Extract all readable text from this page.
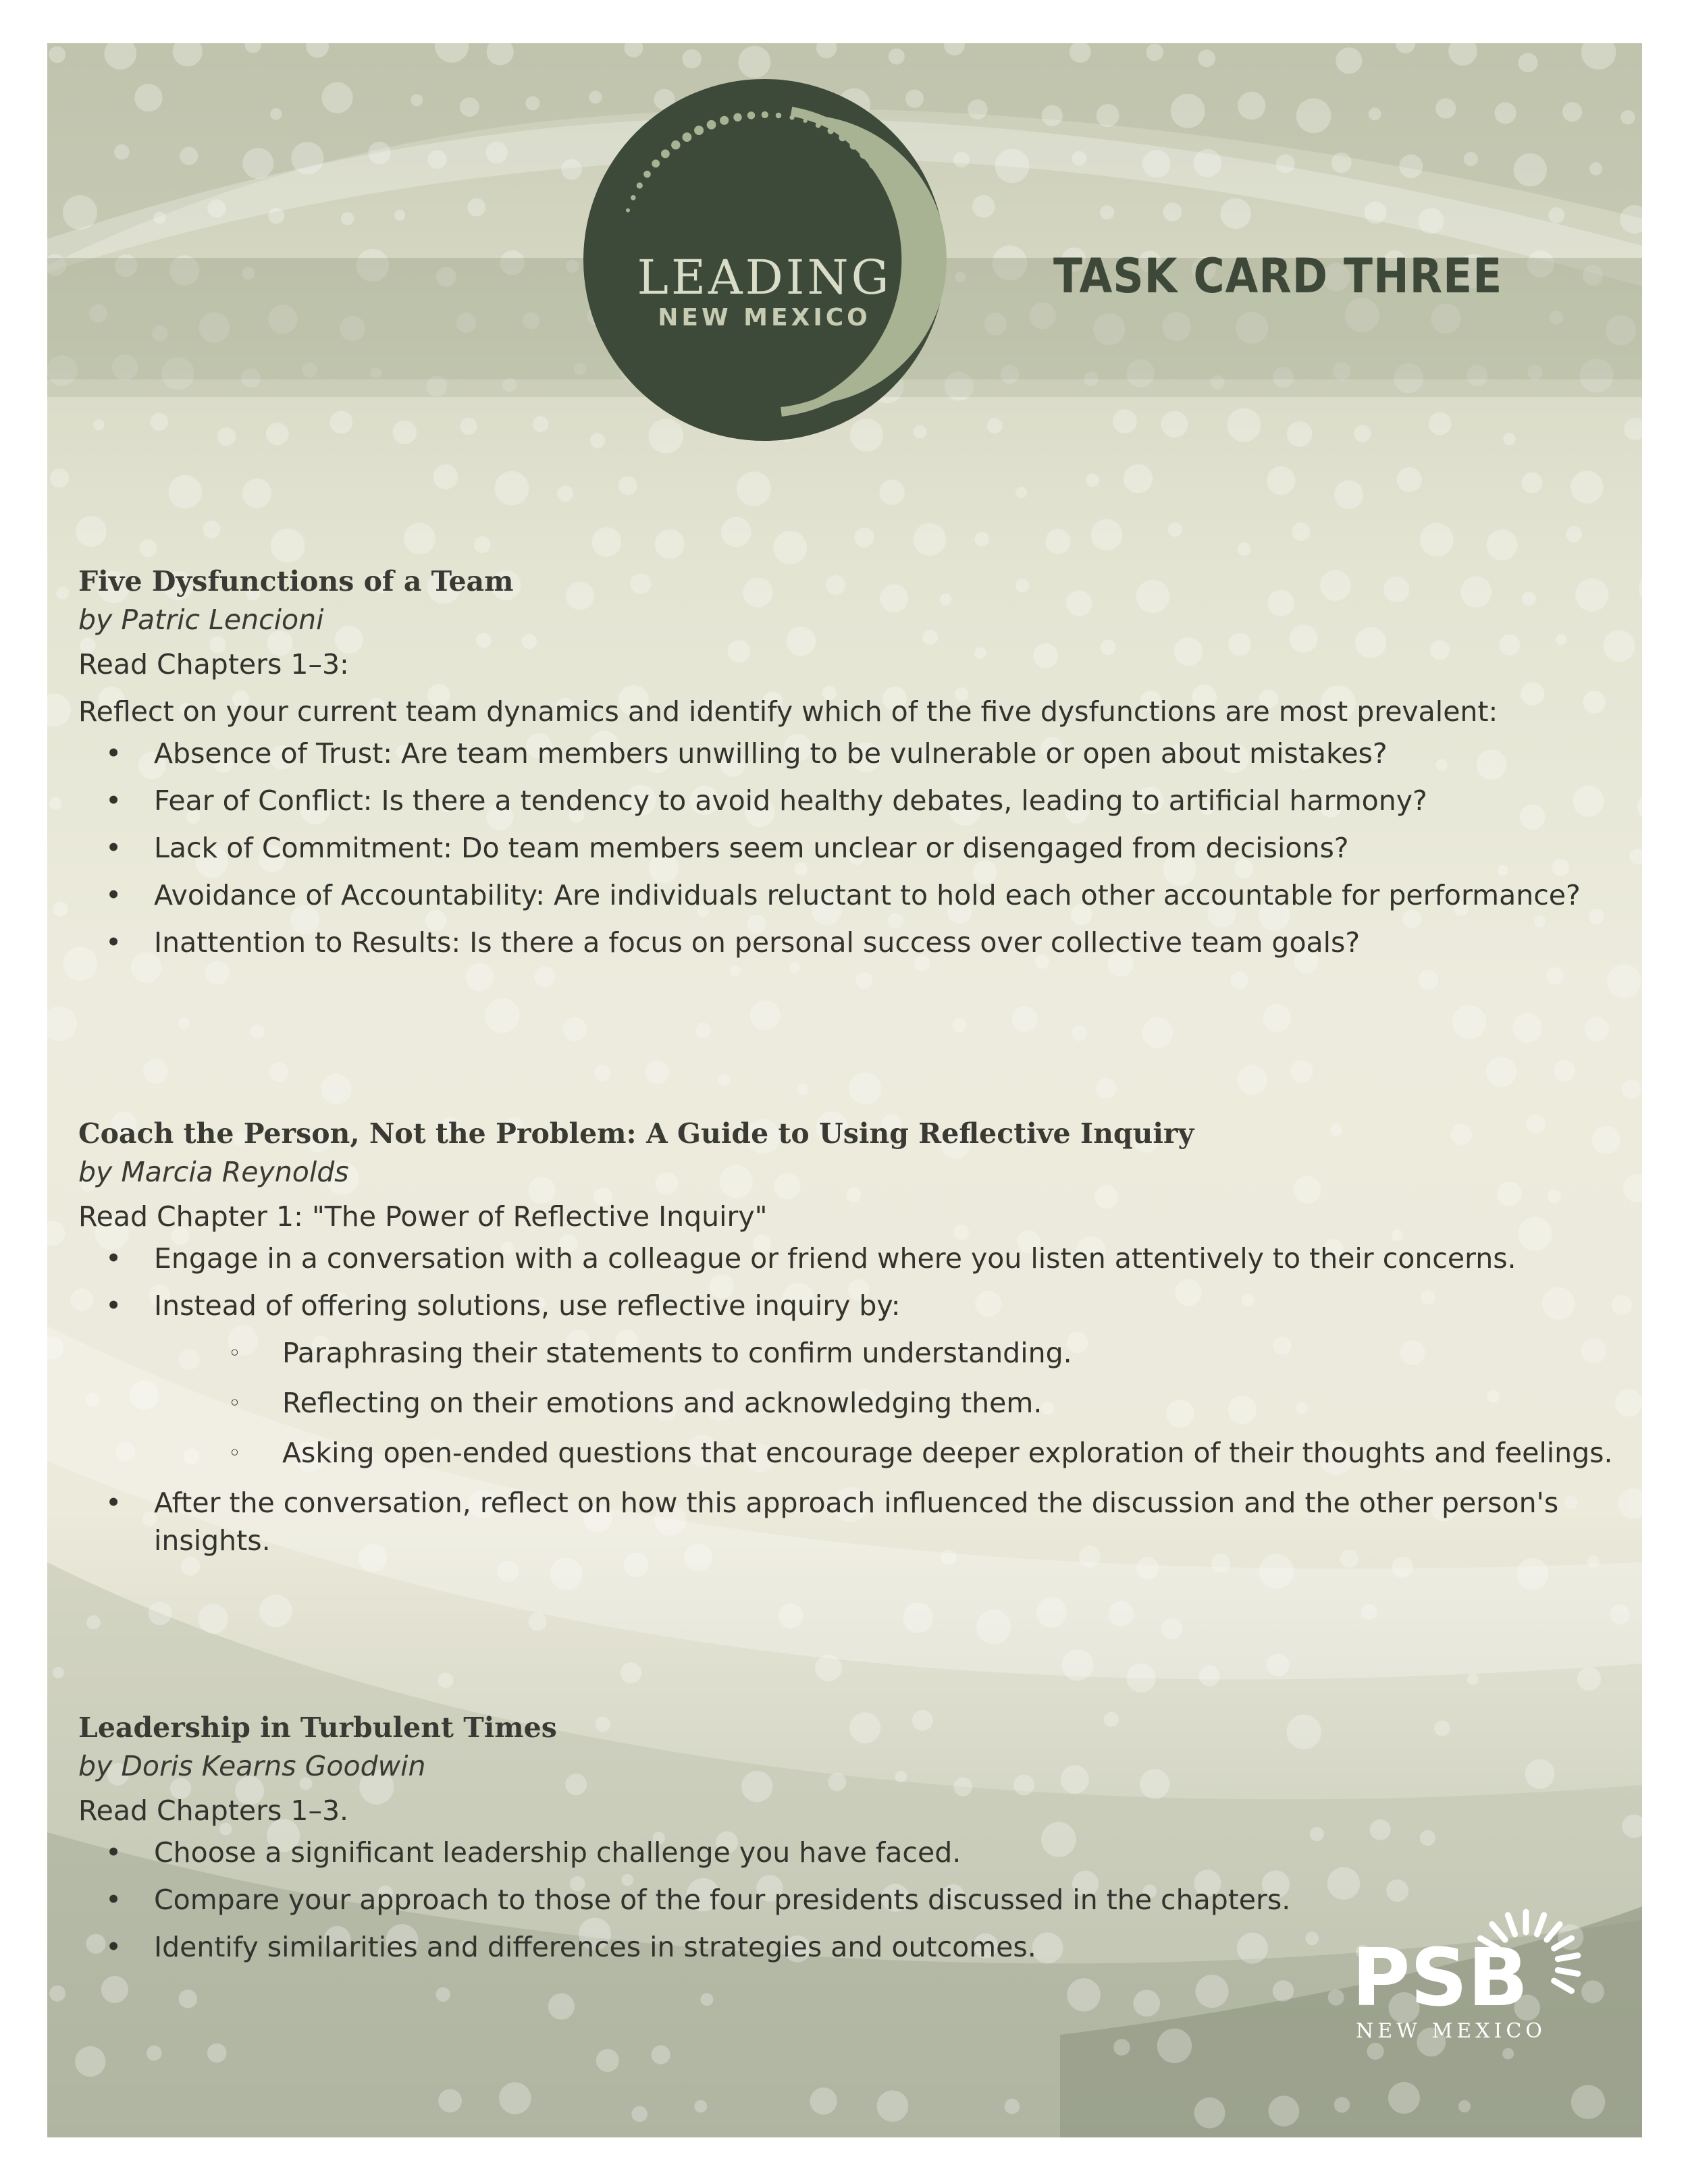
LEADING
NEW MEXICO
TASK CARD THREE

Five Dysfunctions of a Team

by Patric Lencioni

Read Chapters 1–3:

Reflect on your current team dynamics and identify which of the five dysfunctions are most prevalent:

• Absence of Trust: Are team members unwilling to be vulnerable or open about mistakes?
• Fear of Conflict: Is there a tendency to avoid healthy debates, leading to artificial harmony?
• Lack of Commitment: Do team members seem unclear or disengaged from decisions?
• Avoidance of Accountability: Are individuals reluctant to hold each other accountable for performance?
• Inattention to Results: Is there a focus on personal success over collective team goals?

Coach the Person, Not the Problem: A Guide to Using Reflective Inquiry

by Marcia Reynolds

Read Chapter 1: "The Power of Reflective Inquiry"

• Engage in a conversation with a colleague or friend where you listen attentively to their concerns.
• Instead of offering solutions, use reflective inquiry by:
◦ Paraphrasing their statements to confirm understanding.
◦ Reflecting on their emotions and acknowledging them.
◦ Asking open-ended questions that encourage deeper exploration of their thoughts and feelings.
• After the conversation, reflect on how this approach influenced the discussion and the other person's insights.

Leadership in Turbulent Times

by Doris Kearns Goodwin

Read Chapters 1–3.

• Choose a significant leadership challenge you have faced.
• Compare your approach to those of the four presidents discussed in the chapters.
• Identify similarities and differences in strategies and outcomes.	PSB
NEW MEXICO
